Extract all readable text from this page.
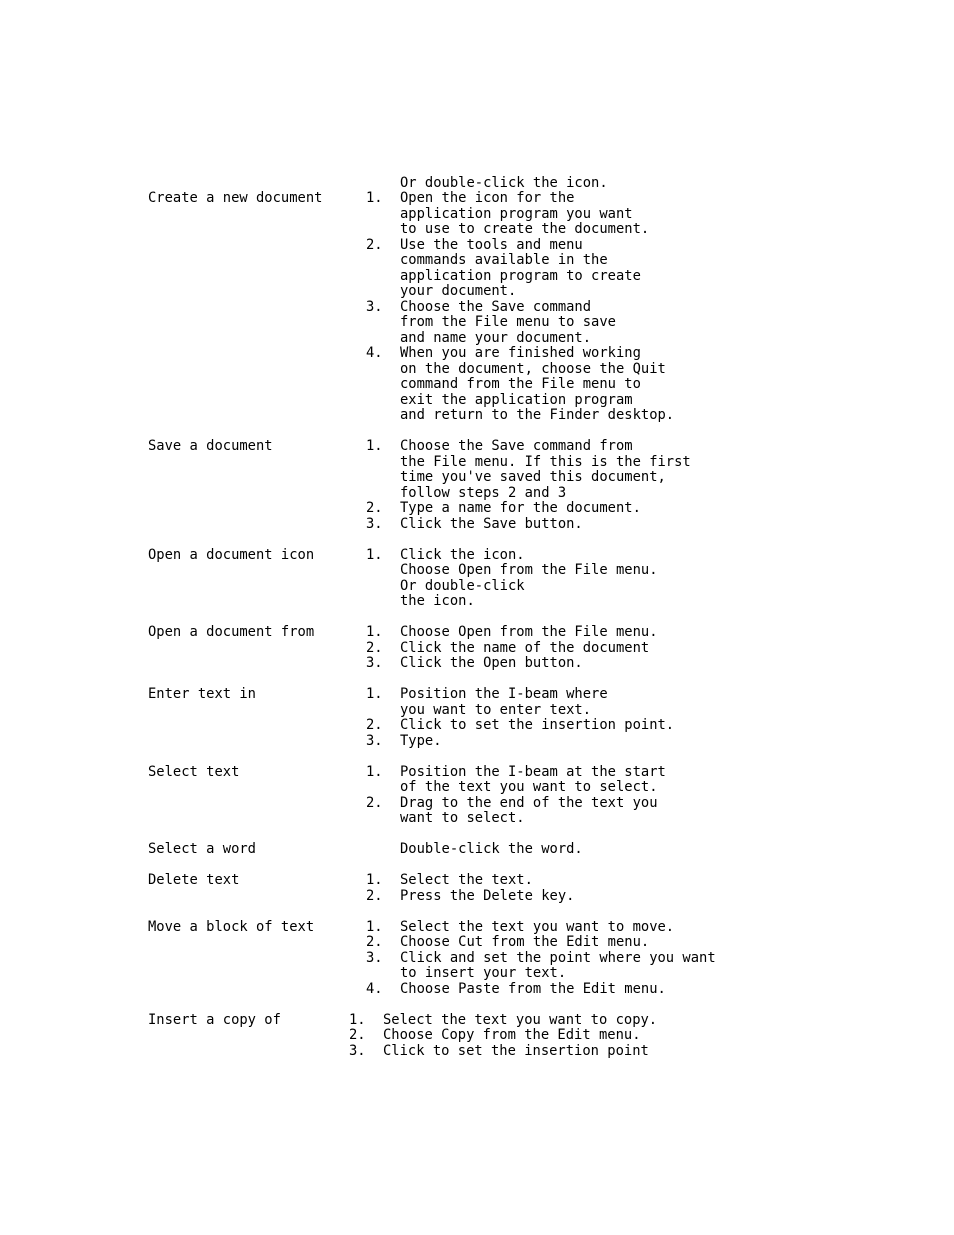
Or double-click the icon.

Create a new document	1. Open the icon for the
application program you want
to use to create the document.
2. Use the tools and menu
commands available in the
application program to create
your document.
3. Choose the Save command
from the File menu to save
and name your document.
4. When you are finished working
on the document, choose the Quit
command from the File menu to
exit the application program
and return to the Finder desktop.
Save a document	1. Choose the Save command from
the File menu. If this is the first
time you've saved this document,
follow steps 2 and 3
2. Type a name for the document.
3. Click the Save button.
Open a document icon	1. Click the icon.
Choose Open from the File menu.
Or double-click
the icon.
Open a document from	1. Choose Open from the File menu.
2. Click the name of the document
3. Click the Open button.
Enter text in	1. Position the I-beam where
you want to enter text.
2. Click to set the insertion point.
3. Type.
Select text	1. Position the I-beam at the start
of the text you want to select.
2. Drag to the end of the text you
want to select.
Select a word	Double-click the word.
Delete text	1. Select the text.
2. Press the Delete key.
Move a block of text	1. Select the text you want to move.
2. Choose Cut from the Edit menu.
3. Click and set the point where you want
to insert your text.
4. Choose Paste from the Edit menu.
Insert a copy of	1. Select the text you want to copy.
2. Choose Copy from the Edit menu.
3. Click to set the insertion point
